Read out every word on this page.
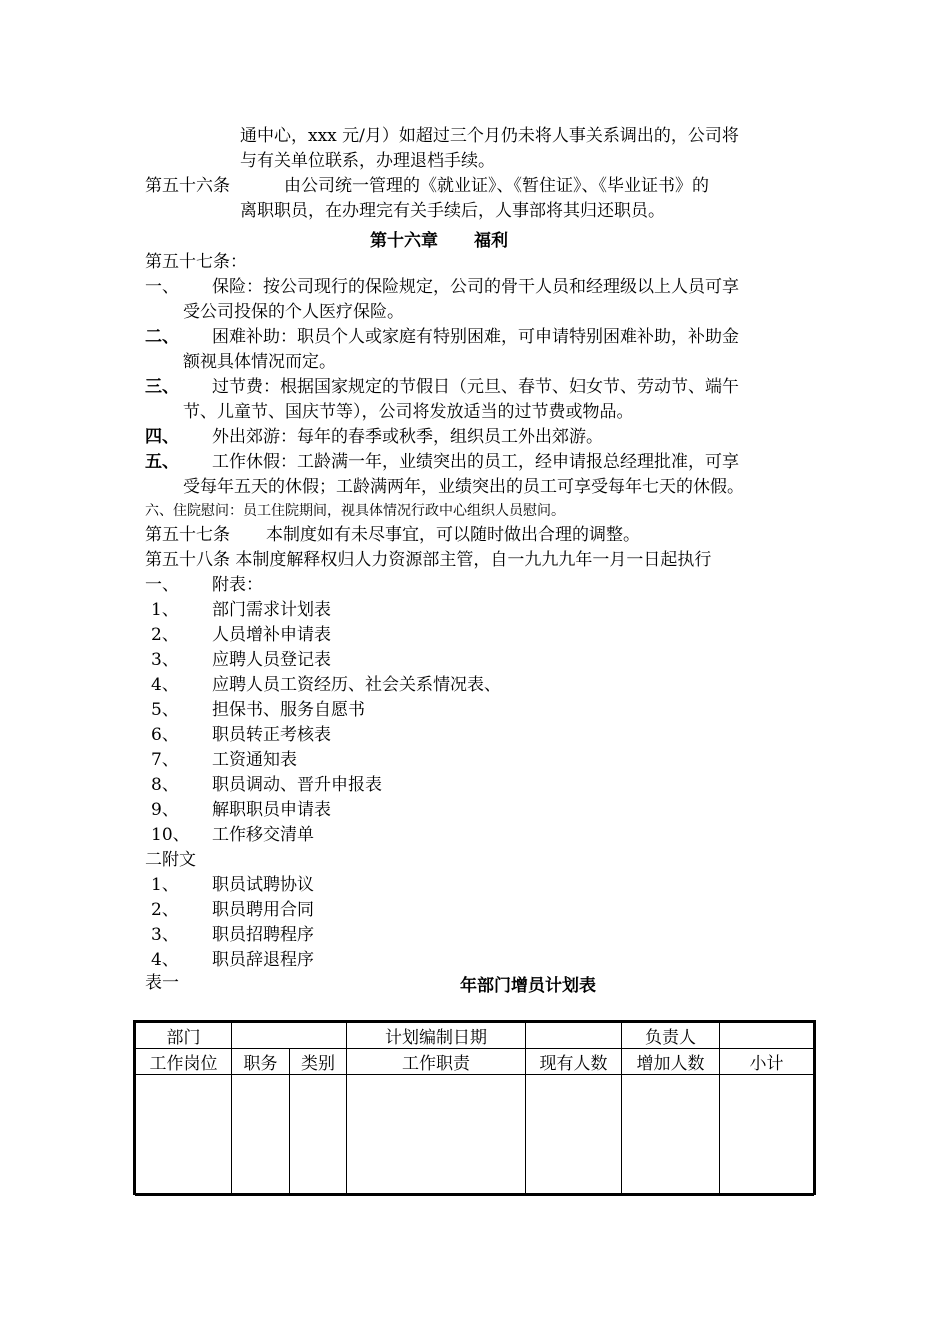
通中心，xxx 元/月）如超过三个月仍未将人事关系调出的，公司将
与有关单位联系，办理退档手续。
第五十六条	由公司统一管理的《就业证》、《暂住证》、《毕业证书》的
离职职员，在办理完有关手续后，人事部将其归还职员。
第十六章 福利
第五十七条：
一、 保险：按公司现行的保险规定，公司的骨干人员和经理级以上人员可享
受公司投保的个人医疗保险。
二、 困难补助：职员个人或家庭有特别困难，可申请特别困难补助，补助金
额视具体情况而定。
三、 过节费：根据国家规定的节假日（元旦、春节、妇女节、劳动节、端午
节、儿童节、国庆节等），公司将发放适当的过节费或物品。
四、 外出郊游：每年的春季或秋季，组织员工外出郊游。
五、 工作休假：工龄满一年，业绩突出的员工，经申请报总经理批准，可享
受每年五天的休假；工龄满两年，业绩突出的员工可享受每年七天的休假。
六、住院慰问：员工住院期间，视具体情况行政中心组织人员慰问。
第五十七条 本制度如有未尽事宜，可以随时做出合理的调整。
第五十八条 本制度解释权归人力资源部主管，自一九九九年一月一日起执行
一、 附表：
1、 部门需求计划表
2、 人员增补申请表
3、 应聘人员登记表
4、 应聘人员工资经历、社会关系情况表、
5、 担保书、服务自愿书
6、 职员转正考核表
7、 工资通知表
8、 职员调动、晋升申报表
9、 解职职员申请表
10、 工作移交清单
二附文
1、 职员试聘协议
2、 职员聘用合同
3、 职员招聘程序
4、 职员辞退程序
表一	年部门增员计划表
部门			计划编制日期		负责人	
工作岗位	职务	类别	工作职责	现有人数	增加人数	小计
